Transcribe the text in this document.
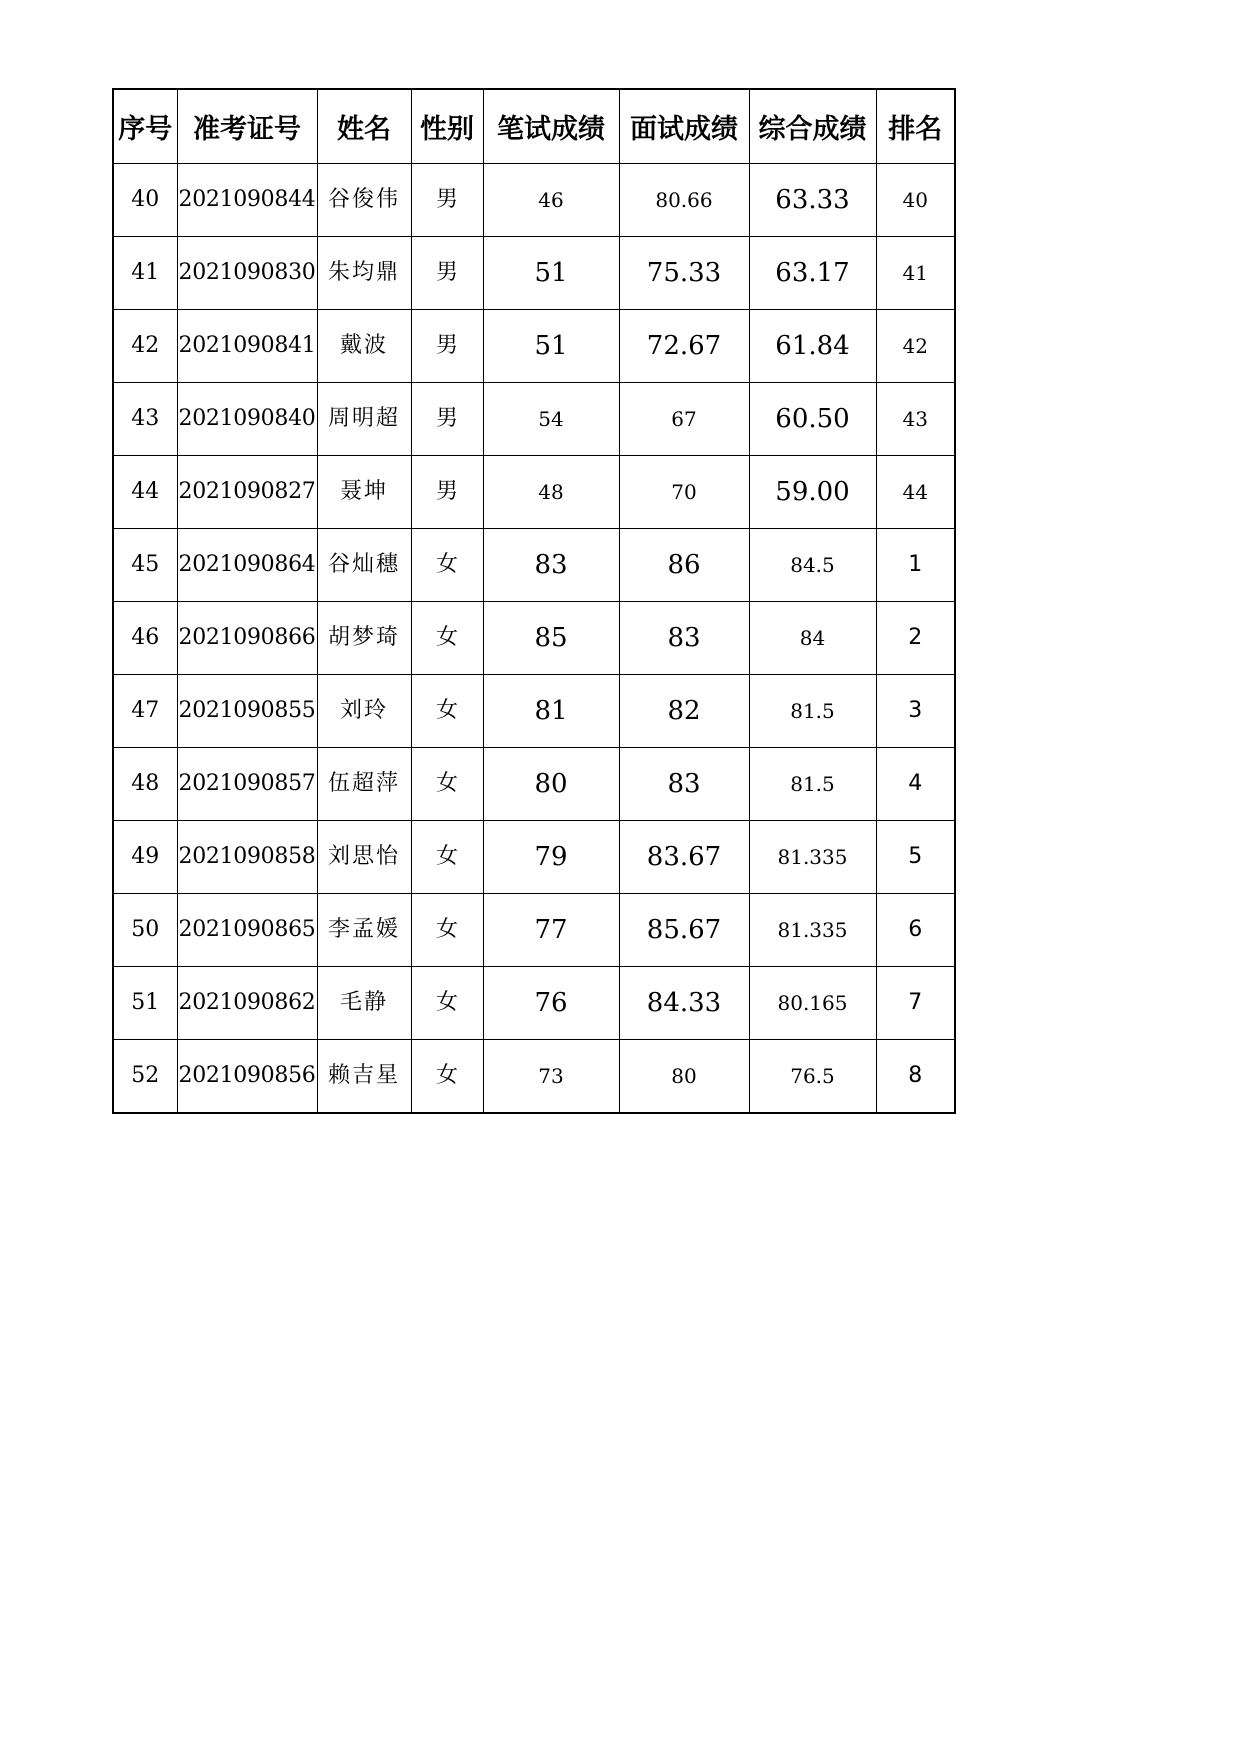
序号	准考证号	姓名	性别	笔试成绩	面试成绩	综合成绩	排名
40	2021090844	谷俊伟	男	46	80.66	63.33	40
41	2021090830	朱均鼎	男	51	75.33	63.17	41
42	2021090841	戴波	男	51	72.67	61.84	42
43	2021090840	周明超	男	54	67	60.50	43
44	2021090827	聂坤	男	48	70	59.00	44
45	2021090864	谷灿穗	女	83	86	84.5	1
46	2021090866	胡梦琦	女	85	83	84	2
47	2021090855	刘玲	女	81	82	81.5	3
48	2021090857	伍超萍	女	80	83	81.5	4
49	2021090858	刘思怡	女	79	83.67	81.335	5
50	2021090865	李孟媛	女	77	85.67	81.335	6
51	2021090862	毛静	女	76	84.33	80.165	7
52	2021090856	赖吉星	女	73	80	76.5	8
